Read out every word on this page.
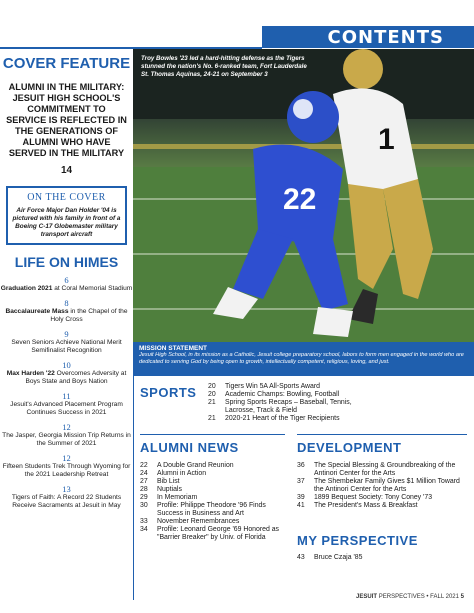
CONTENTS
COVER FEATURE
ALUMNI IN THE MILITARY: JESUIT HIGH SCHOOL'S COMMITMENT TO SERVICE IS REFLECTED IN THE GENERATIONS OF ALUMNI WHO HAVE SERVED IN THE MILITARY
14
ON THE COVER
Air Force Major Dan Holder '04 is pictured with his family in front of a Boeing C-17 Globemaster military transport aircraft
LIFE ON HIMES
6
Graduation 2021 at Coral Memorial Stadium
8
Baccalaureate Mass in the Chapel of the Holy Cross
9
Seven Seniors Achieve National Merit Semifinalist Recognition
10
Max Harden '22 Overcomes Adversity at Boys State and Boys Nation
11
Jesuit's Advanced Placement Program Continues Success in 2021
12
The Jasper, Georgia Mission Trip Returns in the Summer of 2021
12
Fifteen Students Trek Through Wyoming for the 2021 Leadership Retreat
13
Tigers of Faith: A Record 22 Students Receive Sacraments at Jesuit in May
22
1
Troy Bowles '23 led a hard-hitting defense as the Tigers stunned the nation's No. 6-ranked team, Fort Lauderdale St. Thomas Aquinas, 24-21 on September 3
MISSION STATEMENT
Jesuit High School, in its mission as a Catholic, Jesuit college preparatory school, labors to form men engaged in the world who are dedicated to serving God by being open to growth, intellectually competent, religious, loving, and just.
SPORTS 20	Tigers Win 5A All-Sports Award
20	Academic Champs: Bowling, Football
21	Spring Sports Recaps – Baseball, Tennis, Lacrosse, Track & Field
21	2020-21 Heart of the Tiger Recipients
ALUMNI NEWS
22	A Double Grand Reunion
24	Alumni in Action
27	Bib List
28	Nuptials
29	In Memoriam
30	Profile: Philippe Theodore '96 Finds Success in Business and Art
33	November Remembrances
34	Profile: Leonard George '69 Honored as "Barrier Breaker" by Univ. of Florida
DEVELOPMENT
36	The Special Blessing & Groundbreaking of the Antinori Center for the Arts
37	The Shembekar Family Gives $1 Million Toward the Antinori Center for the Arts
39	1899 Bequest Society: Tony Coney '73
41	The President's Mass & Breakfast
MY PERSPECTIVE
43	Bruce Czaja '85
JESUIT PERSPECTIVES • FALL 2021 5
